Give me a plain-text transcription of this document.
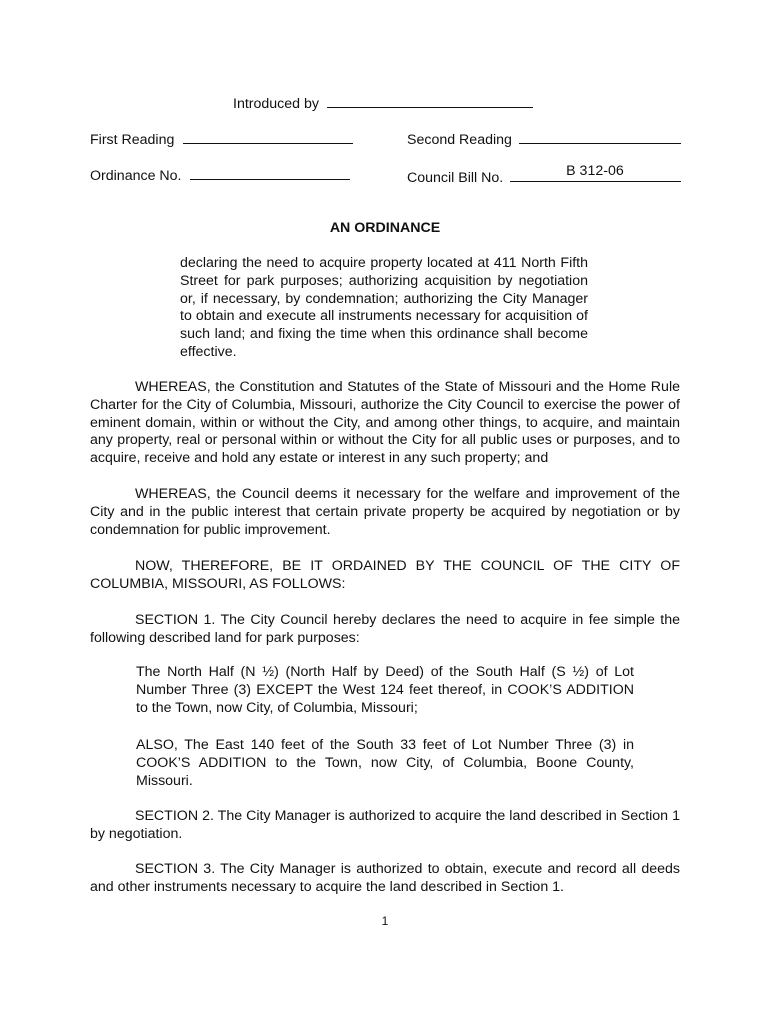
Introduced by
First Reading	Second Reading
Ordinance No.	Council Bill No.	B 312-06
AN ORDINANCE
declaring the need to acquire property located at 411 North Fifth Street for park purposes; authorizing acquisition by negotiation or, if necessary, by condemnation; authorizing the City Manager to obtain and execute all instruments necessary for acquisition of such land; and fixing the time when this ordinance shall become effective.
WHEREAS, the Constitution and Statutes of the State of Missouri and the Home Rule Charter for the City of Columbia, Missouri, authorize the City Council to exercise the power of eminent domain, within or without the City, and among other things, to acquire, and maintain any property, real or personal within or without the City for all public uses or purposes, and to acquire, receive and hold any estate or interest in any such property; and
WHEREAS, the Council deems it necessary for the welfare and improvement of the City and in the public interest that certain private property be acquired by negotiation or by condemnation for public improvement.
NOW, THEREFORE, BE IT ORDAINED BY THE COUNCIL OF THE CITY OF COLUMBIA, MISSOURI, AS FOLLOWS:
SECTION 1. The City Council hereby declares the need to acquire in fee simple the following described land for park purposes:
The North Half (N ½) (North Half by Deed) of the South Half (S ½) of Lot Number Three (3) EXCEPT the West 124 feet thereof, in COOK’S ADDITION to the Town, now City, of Columbia, Missouri;
ALSO, The East 140 feet of the South 33 feet of Lot Number Three (3) in COOK’S ADDITION to the Town, now City, of Columbia, Boone County, Missouri.
SECTION 2. The City Manager is authorized to acquire the land described in Section 1 by negotiation.
SECTION 3. The City Manager is authorized to obtain, execute and record all deeds and other instruments necessary to acquire the land described in Section 1.
1
